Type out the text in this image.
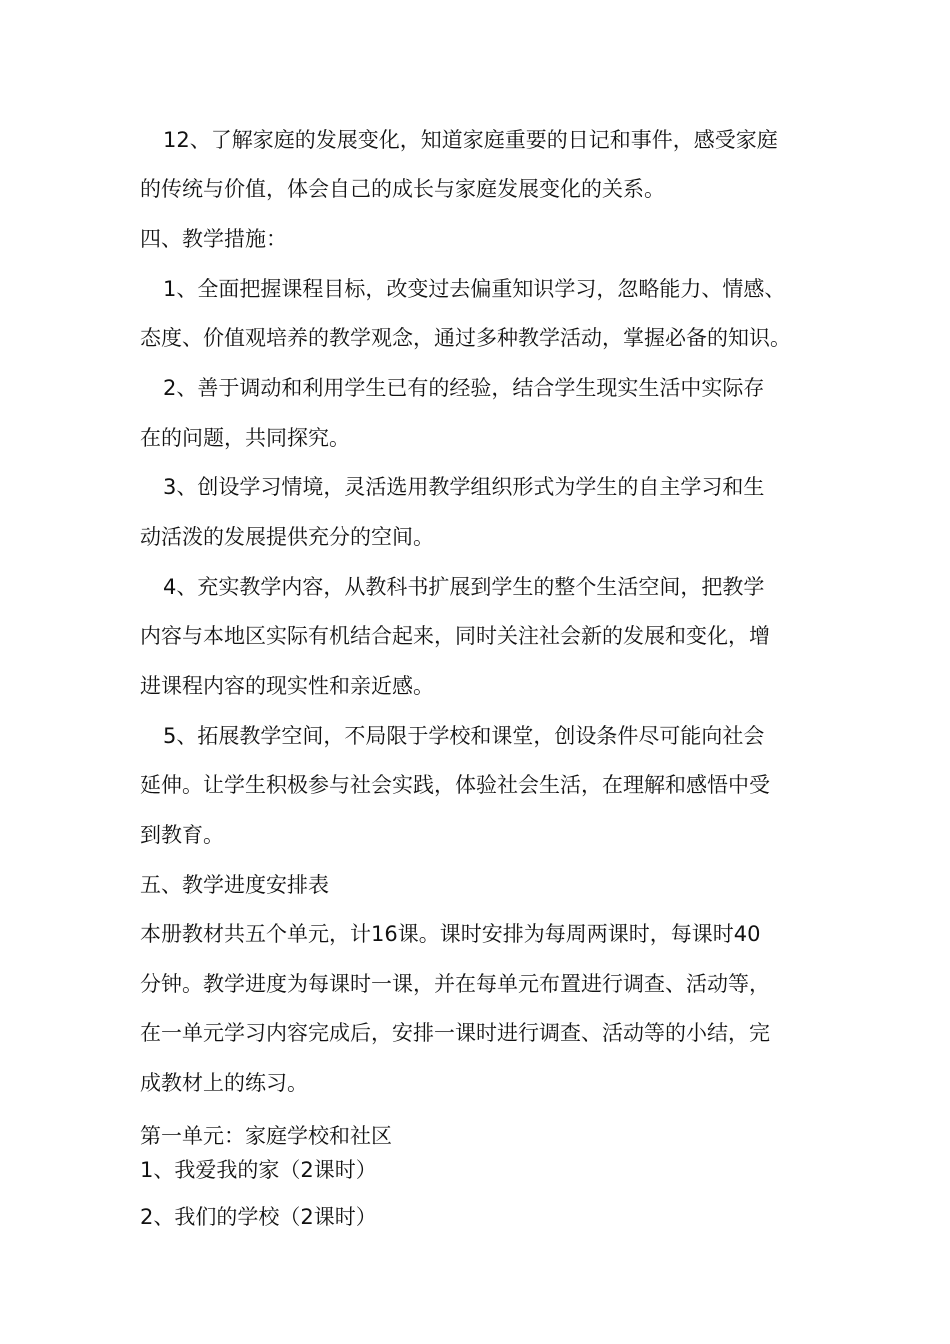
12、了解家庭的发展变化，知道家庭重要的日记和事件，感受家庭
的传统与价值，体会自己的成长与家庭发展变化的关系。
四、教学措施：
1、全面把握课程目标，改变过去偏重知识学习，忽略能力、情感、
态度、价值观培养的教学观念，通过多种教学活动，掌握必备的知识。
2、善于调动和利用学生已有的经验，结合学生现实生活中实际存
在的问题，共同探究。
3、创设学习情境，灵活选用教学组织形式为学生的自主学习和生
动活泼的发展提供充分的空间。
4、充实教学内容，从教科书扩展到学生的整个生活空间，把教学
内容与本地区实际有机结合起来，同时关注社会新的发展和变化，增
进课程内容的现实性和亲近感。
5、拓展教学空间，不局限于学校和课堂，创设条件尽可能向社会
延伸。让学生积极参与社会实践，体验社会生活，在理解和感悟中受
到教育。
五、教学进度安排表
本册教材共五个单元，计16课。课时安排为每周两课时，每课时40
分钟。教学进度为每课时一课，并在每单元布置进行调查、活动等，
在一单元学习内容完成后，安排一课时进行调查、活动等的小结，完
成教材上的练习。
第一单元：家庭学校和社区
1、我爱我的家（2课时）
2、我们的学校（2课时）
